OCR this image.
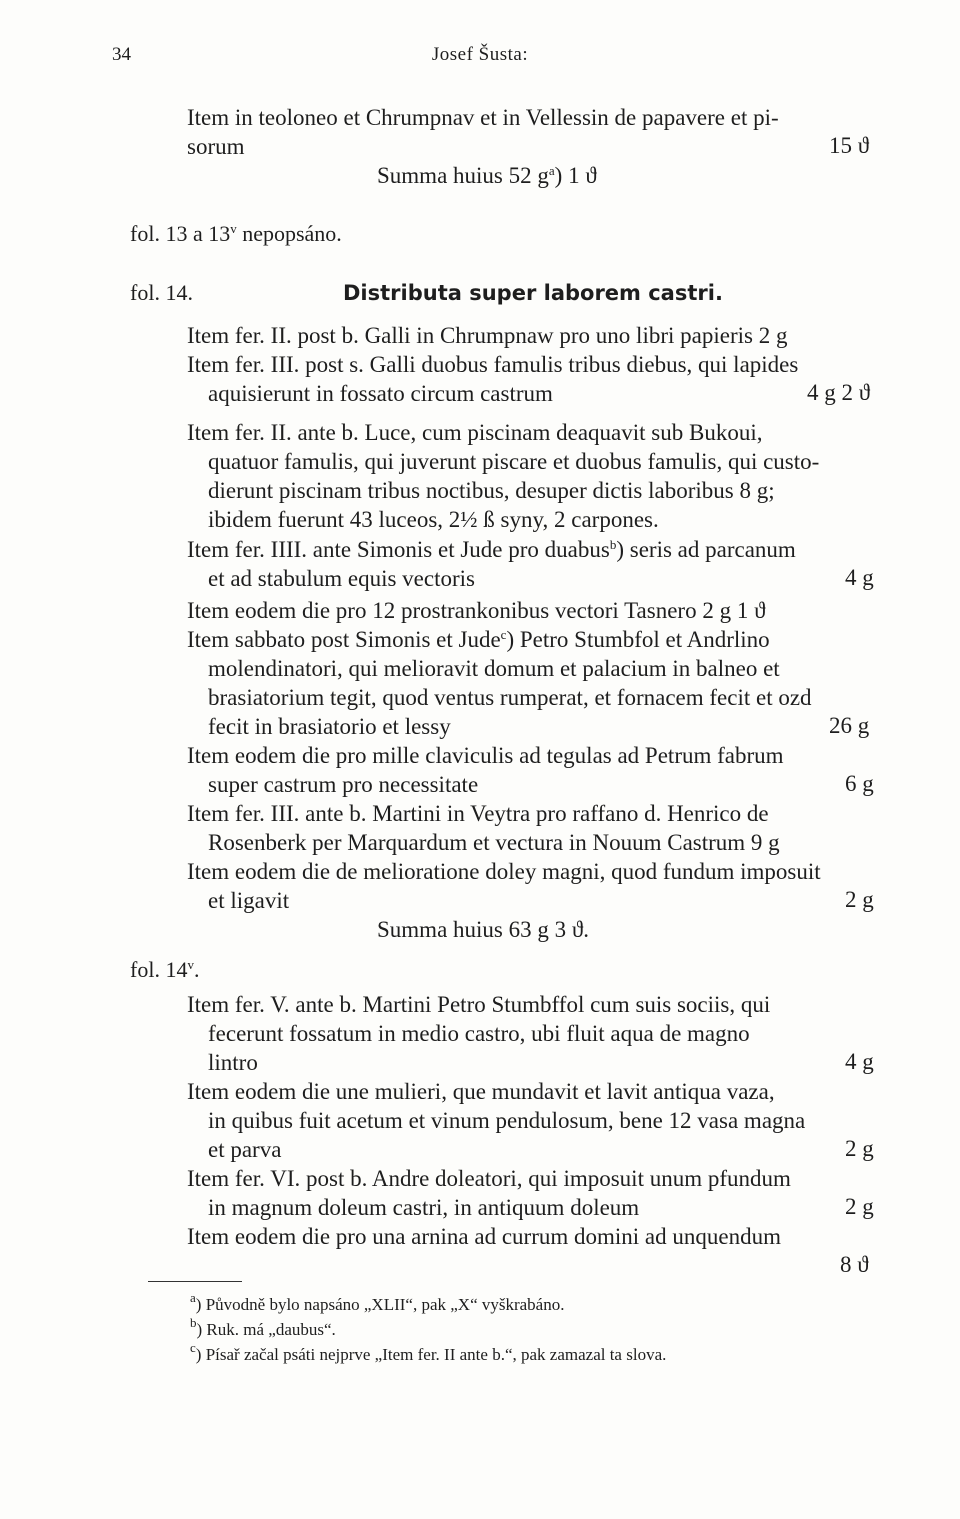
34	Josef Šusta:
Item in teoloneo et Chrumpnav et in Vellessin de papavere et pi-
sorum	15 ϑ
Summa huius 52 $g^a$) 1 ϑ
fol. 13 a 13$^v$ nepopsáno.
fol. 14.	Distributa super laborem castri.
Item fer. II. post b. Galli in Chrumpnaw pro uno libri papieris 2 g
Item fer. III. post s. Galli duobus famulis tribus diebus, qui lapides
aquisierunt in fossato circum castrum	4 g 2 ϑ
Item fer. II. ante b. Luce, cum piscinam deaquavit sub Bukoui,
quatuor famulis, qui juverunt piscare et duobus famulis, qui custo-
dierunt piscinam tribus noctibus, desuper dictis laboribus 8 g;
ibidem fuerunt 43 luceos, 2½ ß syny, 2 carpones.
Item fer. IIII. ante Simonis et Jude pro duabus$^b$) seris ad parcanum
et ad stabulum equis vectoris	4 g
Item eodem die pro 12 prostrankonibus vectori Tasnero 2 g 1 ϑ
Item sabbato post Simonis et Jude$^c$) Petro Stumbfol et Andrlino
molendinatori, qui melioravit domum et palacium in balneo et
brasiatorium tegit, quod ventus rumperat, et fornacem fecit et ozd
fecit in brasiatorio et lessy	26 g
Item eodem die pro mille claviculis ad tegulas ad Petrum fabrum
super castrum pro necessitate	6 g
Item fer. III. ante b. Martini in Veytra pro raffano d. Henrico de
Rosenberk per Marquardum et vectura in Nouum Castrum 9 g
Item eodem die de melioratione doley magni, quod fundum imposuit
et ligavit	2 g
Summa huius 63 g 3 ϑ.
fol. 14$^v$.
Item fer. V. ante b. Martini Petro Stumbffol cum suis sociis, qui
fecerunt fossatum in medio castro, ubi fluit aqua de magno
lintro	4 g
Item eodem die une mulieri, que mundavit et lavit antiqua vaza,
in quibus fuit acetum et vinum pendulosum, bene 12 vasa magna
et parva	2 g
Item fer. VI. post b. Andre doleatori, qui imposuit unum pfundum
in magnum doleum castri, in antiquum doleum	2 g
Item eodem die pro una arnina ad currum domini ad unquendum
8 ϑ
$^a$) Původně bylo napsáno „XLII“, pak „X“ vyškrabáno.
$^b$) Ruk. má „daubus“.
$^c$) Písař začal psáti nejprve „Item fer. II ante b.“, pak zamazal ta slova.
